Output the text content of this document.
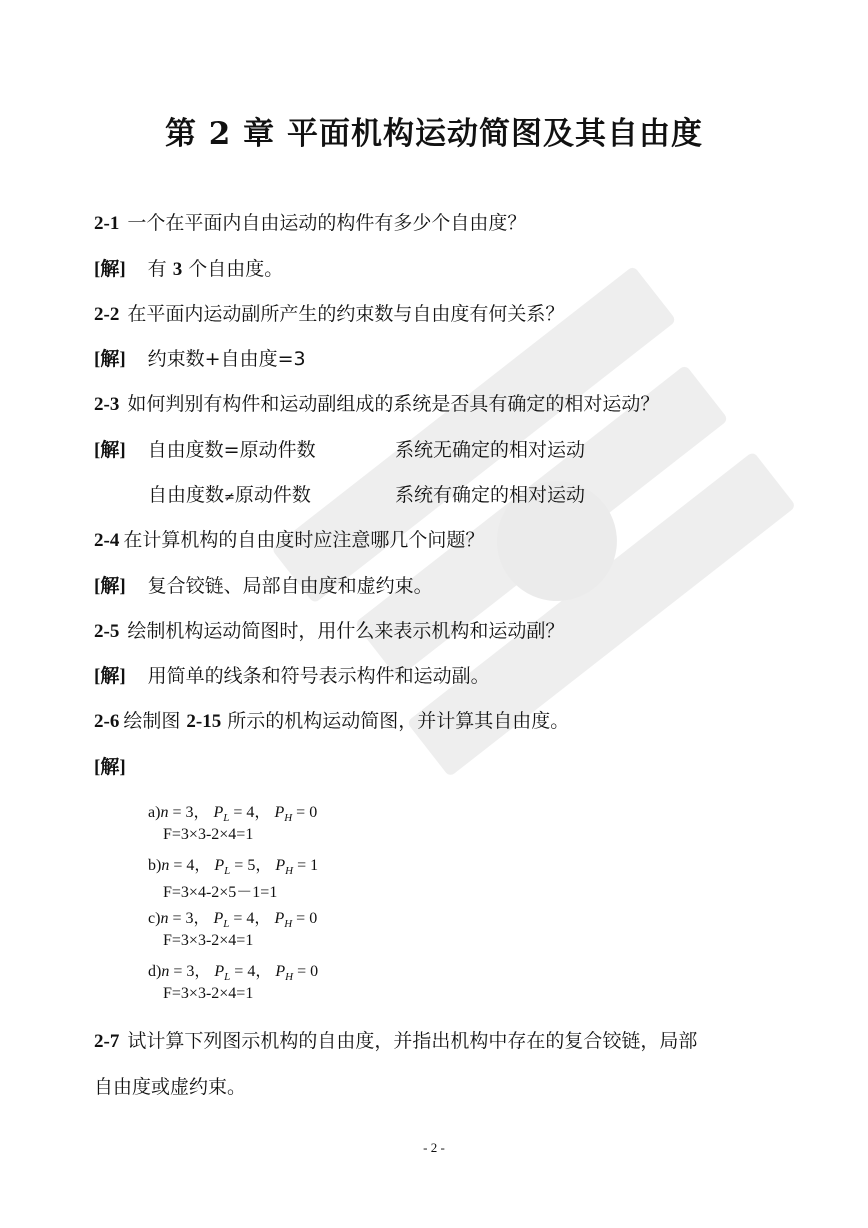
第 2 章 平面机构运动简图及其自由度
2-1 一个在平面内自由运动的构件有多少个自由度？
[解] 有 3 个自由度。
2-2 在平面内运动副所产生的约束数与自由度有何关系？
[解] 约束数+自由度=3
2-3 如何判别有构件和运动副组成的系统是否具有确定的相对运动？
[解] 自由度数=原动件数	系统无确定的相对运动
自由度数≠原动件数	系统有确定的相对运动
2-4 在计算机构的自由度时应注意哪几个问题？
[解] 复合铰链、局部自由度和虚约束。
2-5 绘制机构运动简图时，用什么来表示机构和运动副？
[解] 用简单的线条和符号表示构件和运动副。
2-6 绘制图 2-15 所示的机构运动简图，并计算其自由度。
[解]
a)n = 3， $P_L = 4$， $P_H = 0$
F=3×3-2×4=1
b)n = 4， $P_L = 5$， $P_H = 1$
F=3×4-2×5－1=1
c)n = 3， $P_L = 4$， $P_H = 0$
F=3×3-2×4=1
d)n = 3， $P_L = 4$， $P_H = 0$
F=3×3-2×4=1
2-7 试计算下列图示机构的自由度，并指出机构中存在的复合铰链，局部
自由度或虚约束。
- 2 -
